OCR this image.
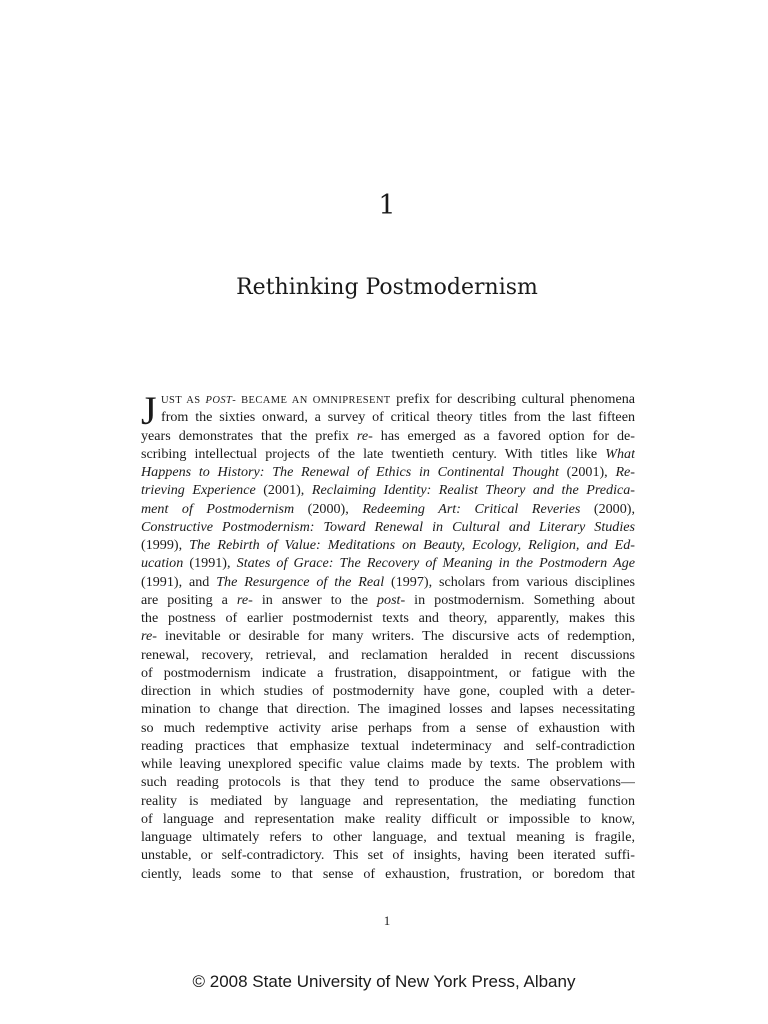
1
Rethinking Postmodernism
J UST AS POST- BECAME AN OMNIPRESENT prefix for describing cultural phenomena
from the sixties onward, a survey of critical theory titles from the last fifteen
years demonstrates that the prefix re- has emerged as a favored option for de-
scribing intellectual projects of the late twentieth century. With titles like What
Happens to History: The Renewal of Ethics in Continental Thought (2001), Re-
trieving Experience (2001), Reclaiming Identity: Realist Theory and the Predica-
ment of Postmodernism (2000), Redeeming Art: Critical Reveries (2000),
Constructive Postmodernism: Toward Renewal in Cultural and Literary Studies
(1999), The Rebirth of Value: Meditations on Beauty, Ecology, Religion, and Ed-
ucation (1991), States of Grace: The Recovery of Meaning in the Postmodern Age
(1991), and The Resurgence of the Real (1997), scholars from various disciplines
are positing a re- in answer to the post- in postmodernism. Something about
the postness of earlier postmodernist texts and theory, apparently, makes this
re- inevitable or desirable for many writers. The discursive acts of redemption,
renewal, recovery, retrieval, and reclamation heralded in recent discussions
of postmodernism indicate a frustration, disappointment, or fatigue with the
direction in which studies of postmodernity have gone, coupled with a deter-
mination to change that direction. The imagined losses and lapses necessitating
so much redemptive activity arise perhaps from a sense of exhaustion with
reading practices that emphasize textual indeterminacy and self-contradiction
while leaving unexplored specific value claims made by texts. The problem with
such reading protocols is that they tend to produce the same observations—
reality is mediated by language and representation, the mediating function
of language and representation make reality difficult or impossible to know,
language ultimately refers to other language, and textual meaning is fragile,
unstable, or self-contradictory. This set of insights, having been iterated suffi-
ciently, leads some to that sense of exhaustion, frustration, or boredom that
1
© 2008 State University of New York Press, Albany
